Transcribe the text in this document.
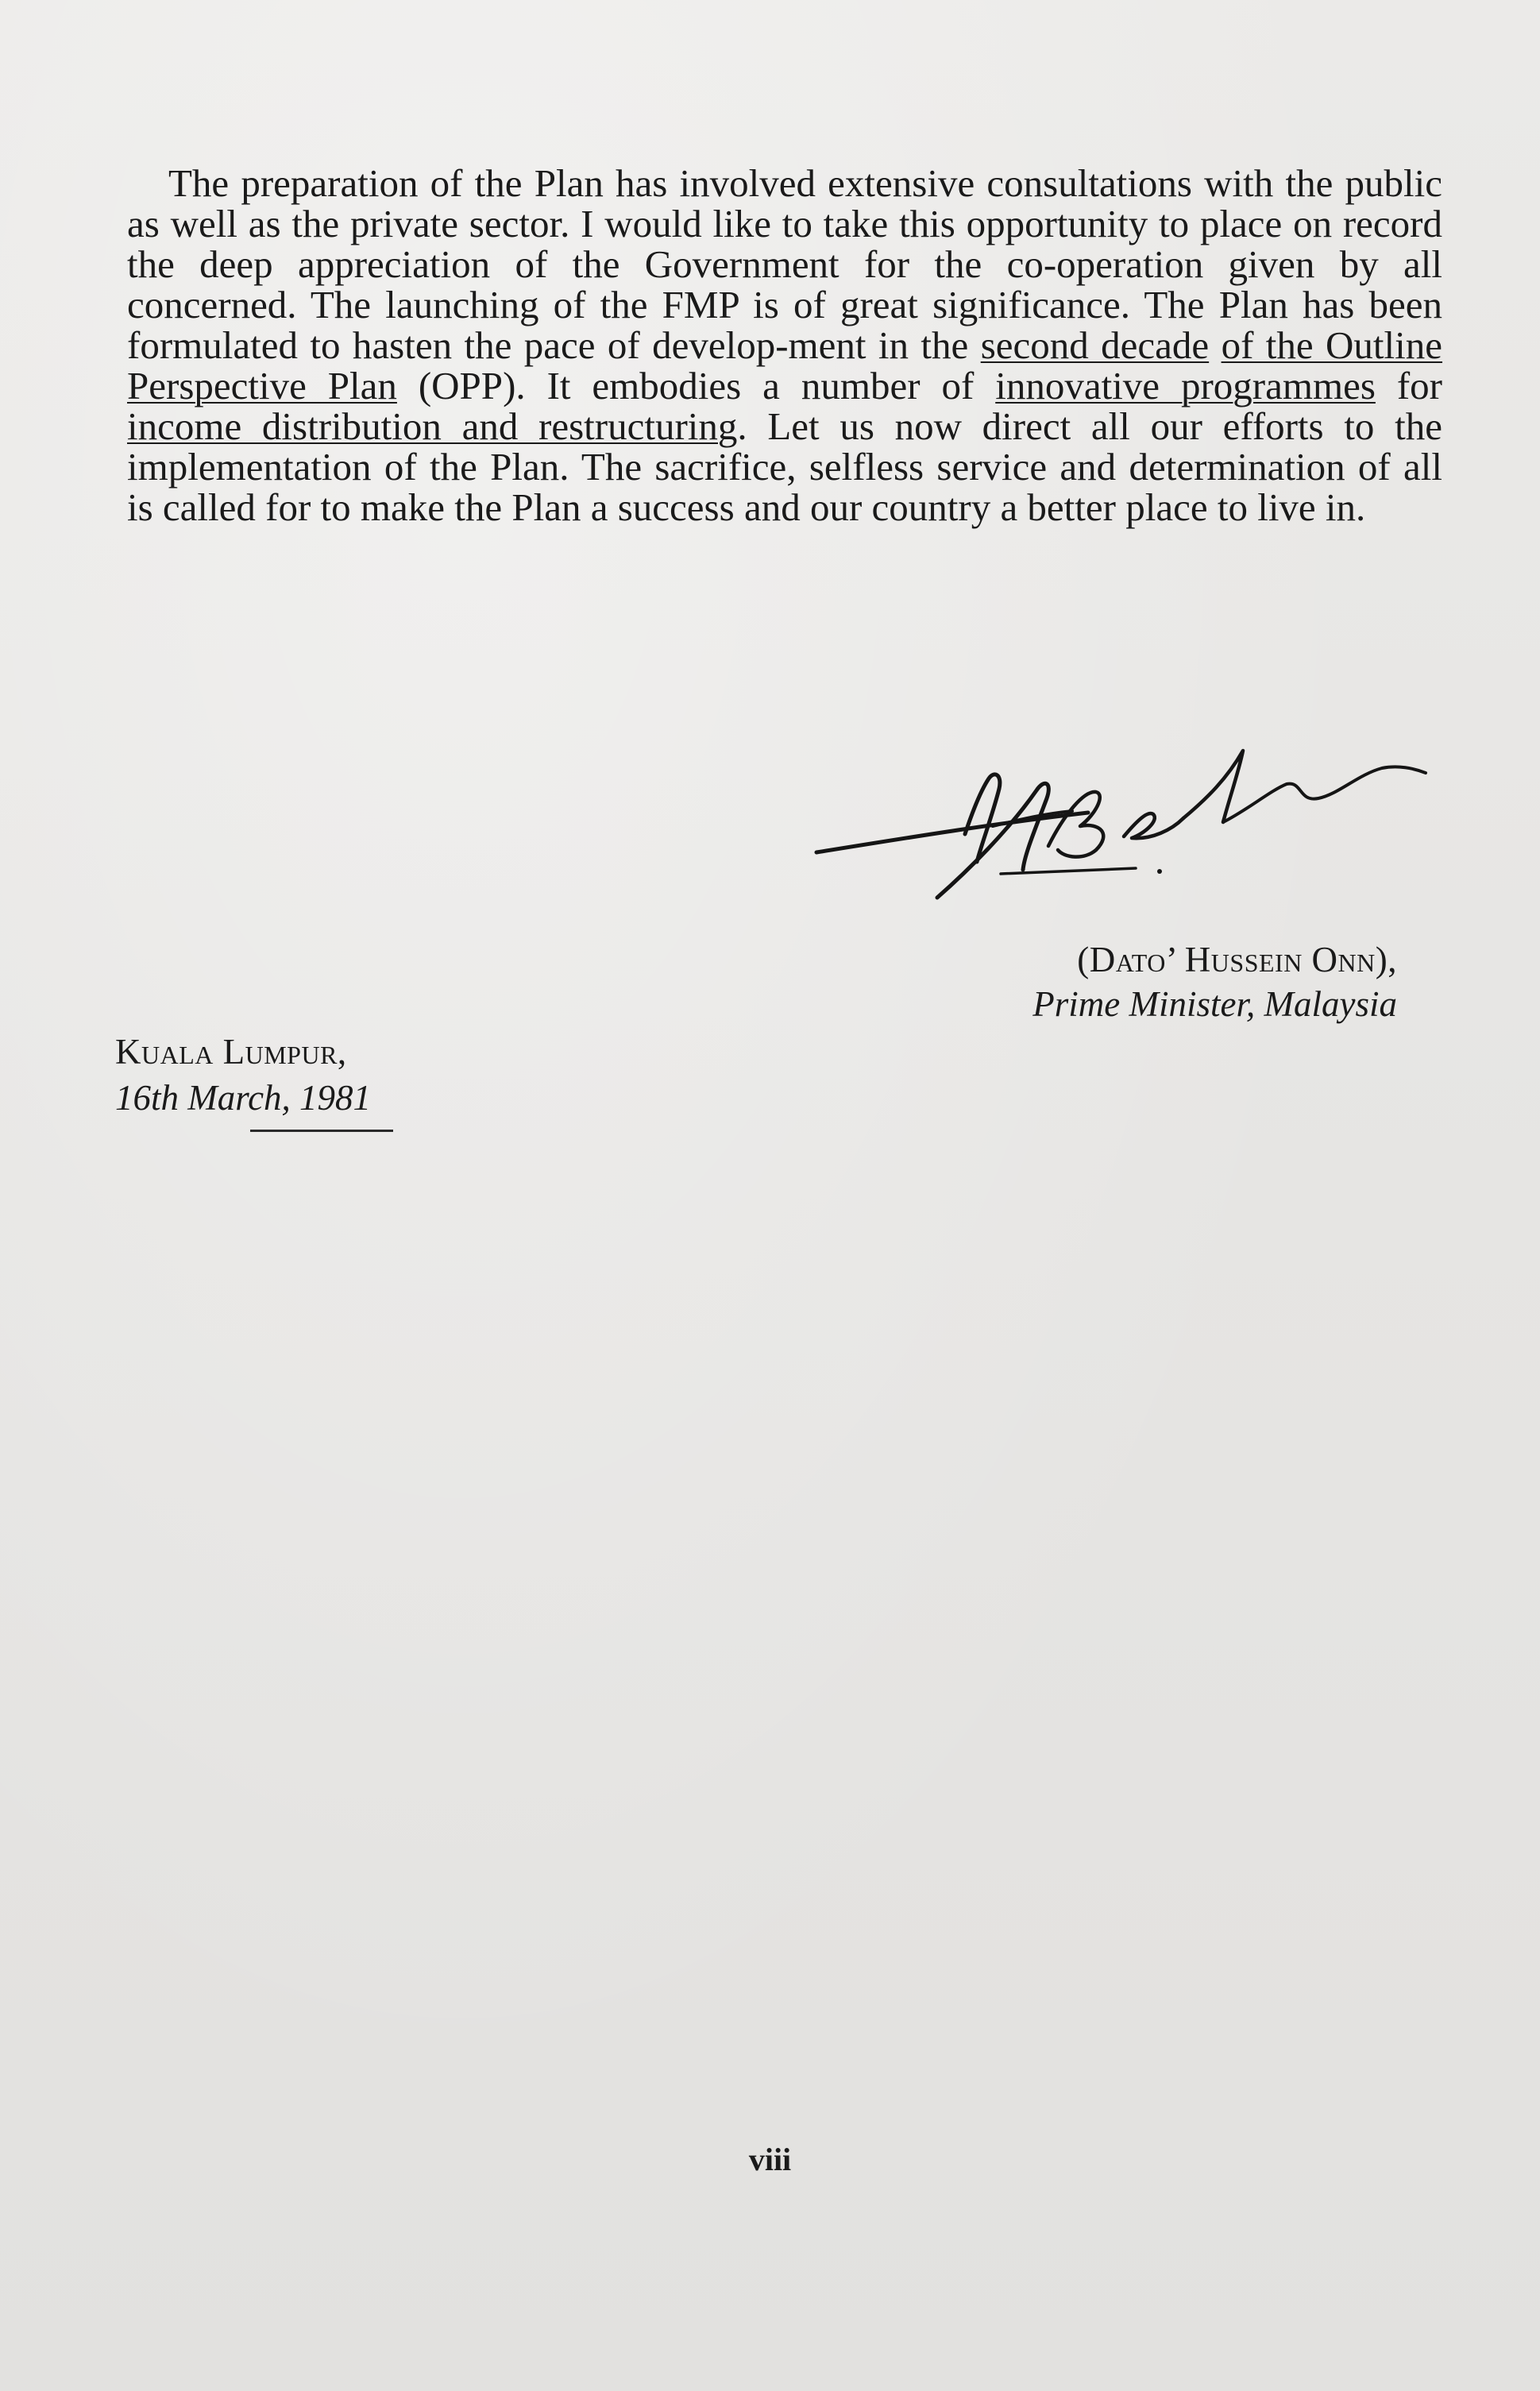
The preparation of the Plan has involved extensive consultations with the public as well as the private sector. I would like to take this opportunity to place on record the deep appreciation of the Government for the co-operation given by all concerned. The launching of the FMP is of great significance. The Plan has been formulated to hasten the pace of develop-ment in the second decade of the Outline Perspective Plan (OPP). It embodies a number of innovative programmes for income distribution and restructuring. Let us now direct all our efforts to the implementation of the Plan. The sacrifice, selfless service and determination of all is called for to make the Plan a success and our country a better place to live in.

(Dato’ Hussein Onn),
Prime Minister, Malaysia
Kuala Lumpur,
16th March, 1981
viii
